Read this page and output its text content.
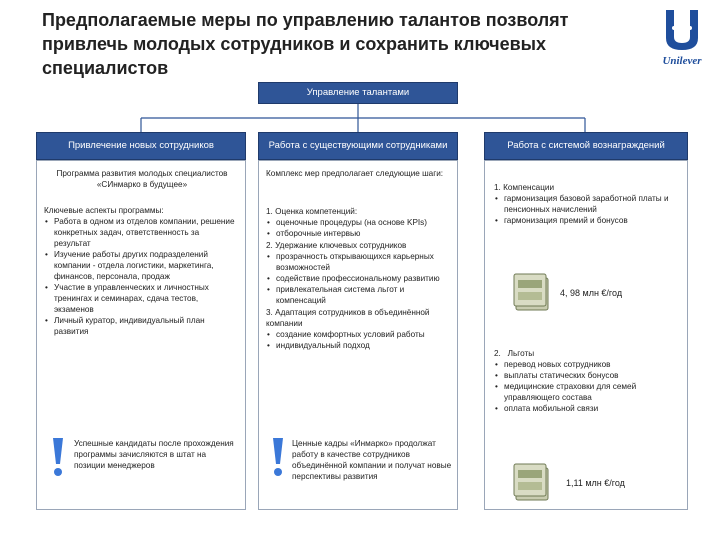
Предполагаемые меры по управлению талантов позволят привлечь молодых сотрудников и сохранить ключевых специалистов	Unilever
Управление талантами
Привлечение новых сотрудников
Программа развития молодых специалистов «СИнмарко в будущее»
Ключевые аспекты программы:
• Работа в одном из отделов компании, решение конкретных задач, ответственность за результат
• Изучение работы других подразделений компании - отдела логистики, маркетинга, финансов, персонала, продаж
• Участие в управленческих и личностных тренингах и семинарах, сдача тестов, экзаменов
• Личный куратор, индивидуальный план развития
Успешные кандидаты после прохождения программы зачисляются в штат на позиции менеджеров
Работа с существующими сотрудниками
Комплекс мер предполагает следующие шаги:
1. Оценка компетенций:
• оценочные процедуры (на основе KPIs)
• отборочные интервью
2. Удержание ключевых сотрудников
• прозрачность открывающихся карьерных возможностей
• содействие профессиональному развитию
• привлекательная система льгот и компенсаций
3. Адаптация сотрудников в объединённой компании
• создание комфортных условий работы
• индивидуальный подход
Ценные кадры «Инмарко» продолжат работу в качестве сотрудников объединённой компании и получат новые перспективы развития
Работа с системой вознаграждений
1. Компенсации
• гармонизация базовой заработной платы и пенсионных начислений
• гармонизация премий и бонусов
4, 98 млн €/год
2.   Льготы
• перевод новых сотрудников
• выплаты статических бонусов
• медицинские страховки для семей управляющего состава
• оплата мобильной связи
1,11 млн €/год
